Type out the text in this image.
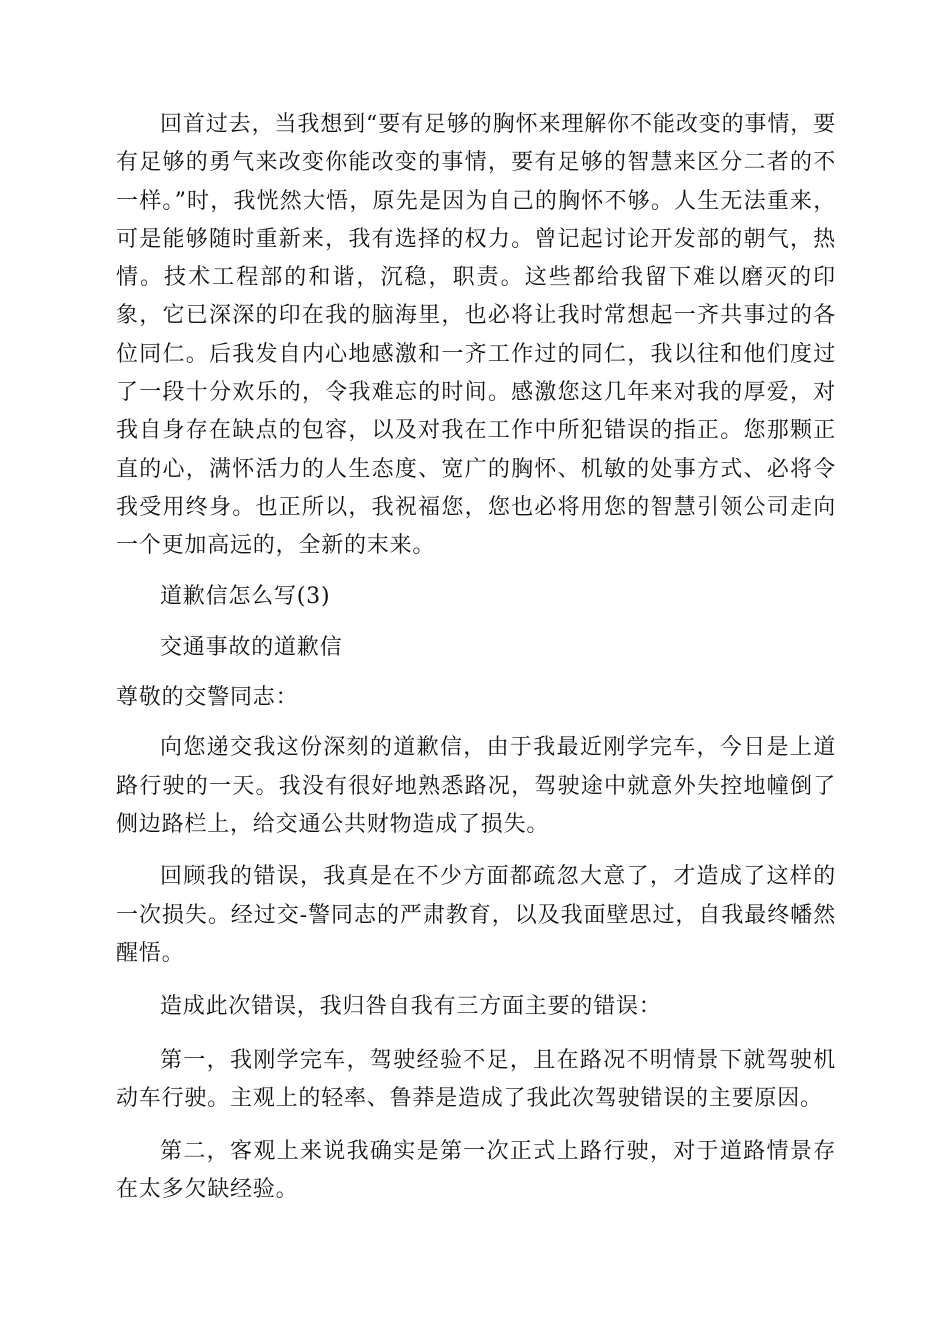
回首过去，当我想到“要有足够的胸怀来理解你不能改变的事情，要有足够的勇气来改变你能改变的事情，要有足够的智慧来区分二者的不一样。”时，我恍然大悟，原先是因为自己的胸怀不够。人生无法重来，可是能够随时重新来，我有选择的权力。曾记起讨论开发部的朝气，热情。技术工程部的和谐，沉稳，职责。这些都给我留下难以磨灭的印象，它已深深的印在我的脑海里，也必将让我时常想起一齐共事过的各位同仁。后我发自内心地感激和一齐工作过的同仁，我以往和他们度过了一段十分欢乐的，令我难忘的时间。感激您这几年来对我的厚爱，对我自身存在缺点的包容，以及对我在工作中所犯错误的指正。您那颗正直的心，满怀活力的人生态度、宽广的胸怀、机敏的处事方式、必将令我受用终身。也正所以，我祝福您，您也必将用您的智慧引领公司走向一个更加高远的，全新的末来。

道歉信怎么写(3)

交通事故的道歉信

尊敬的交警同志：

向您递交我这份深刻的道歉信，由于我最近刚学完车，今日是上道路行驶的一天。我没有很好地熟悉路况，驾驶途中就意外失控地幢倒了侧边路栏上，给交通公共财物造成了损失。

回顾我的错误，我真是在不少方面都疏忽大意了，才造成了这样的一次损失。经过交-警同志的严肃教育，以及我面壁思过，自我最终幡然醒悟。

造成此次错误，我归咎自我有三方面主要的错误：

第一，我刚学完车，驾驶经验不足，且在路况不明情景下就驾驶机动车行驶。主观上的轻率、鲁莽是造成了我此次驾驶错误的主要原因。

第二，客观上来说我确实是第一次正式上路行驶，对于道路情景存在太多欠缺经验。
